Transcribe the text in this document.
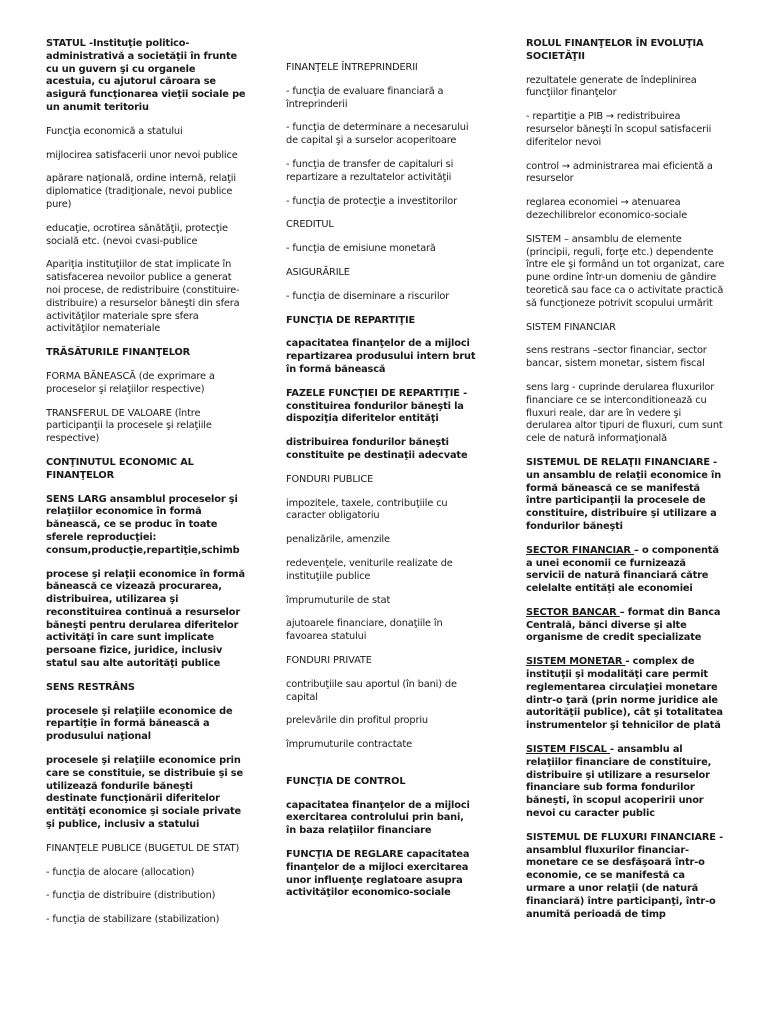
STATUL -Instituţie politico-administrativă a societăţii în frunte cu un guvern şi cu organele acestuia, cu ajutorul căroara se asigură funcţionarea vieţii sociale pe un anumit teritoriu

Funcţia economică a statului

mijlocirea satisfacerii unor nevoi publice

apărare naţională, ordine internă, relaţii diplomatice (tradiţionale, nevoi publice pure)

educaţie, ocrotirea sănătăţii, protecţie socială etc. (nevoi cvasi-publice

Apariţia instituţiilor de stat implicate în satisfacerea nevoilor publice a generat noi procese, de redistribuire (constituire-distribuire) a resurselor băneşti din sfera activităţilor materiale spre sfera activităţilor nemateriale

TRĂSĂTURILE FINANŢELOR

FORMA BĂNEASCĂ (de exprimare a proceselor şi relaţiilor respective)

TRANSFERUL DE VALOARE (între participanţii la procesele şi relaţiile respective)

CONŢINUTUL ECONOMIC AL FINANŢELOR

SENS LARG ansamblul proceselor şi relaţiilor economice în formă bănească, ce se produc în toate sferele reproducţiei: consum,producţie,repartiţie,schimb

procese şi relaţii economice în formă bănească ce vizează procurarea, distribuirea, utilizarea şi reconstituirea continuă a resurselor băneşti pentru derularea diferitelor activităţi în care sunt implicate persoane fizice, juridice, inclusiv statul sau alte autorităţi publice

SENS RESTRÂNS

procesele şi relaţiile economice de repartiţie în formă bănească a produsului naţional

procesele şi relaţiile economice prin care se constituie, se distribuie şi se utilizează fondurile băneşti destinate funcţionării diferitelor entităţi economice şi sociale private şi publice, inclusiv a statului

FINANŢELE PUBLICE (BUGETUL DE STAT)

- funcţia de alocare (allocation)

- funcţia de distribuire (distribution)

- funcţia de stabilizare (stabilization)

FINANŢELE ÎNTREPRINDERII

- funcţia de evaluare financiară a întreprinderii

- funcţia de determinare a necesarului de capital şi a surselor acoperitoare

- funcţia de transfer de capitaluri si repartizare a rezultatelor activităţii

- funcţia de protecţie a investitorilor

CREDITUL

- funcţia de emisiune monetară

ASIGURĂRILE

- funcţia de diseminare a riscurilor

FUNCŢIA DE REPARTIŢIE

capacitatea finanţelor de a mijloci repartizarea produsului intern brut în formă bănească

FAZELE FUNCŢIEI DE REPARTIŢIE - constituirea fondurilor băneşti la dispoziţia diferitelor entităţi

distribuirea fondurilor băneşti constituite pe destinaţii adecvate

FONDURI PUBLICE

impozitele, taxele, contribuţiile cu caracter obligatoriu

penalizările, amenzile

redevenţele, veniturile realizate de instituţiile publice

împrumuturile de stat

ajutoarele financiare, donaţiile în favoarea statului

FONDURI PRIVATE

contribuţiile sau aportul (în bani) de capital

prelevările din profitul propriu

împrumuturile contractate

FUNCŢIA DE CONTROL

capacitatea finanţelor de a mijloci exercitarea controlului prin bani, în baza relaţiilor financiare

FUNCŢIA DE REGLARE capacitatea finanţelor de a mijloci exercitarea unor influenţe reglatoare asupra activităţilor economico-sociale

ROLUL FINANŢELOR ÎN EVOLUŢIA SOCIETĂŢII

rezultatele generate de îndeplinirea funcţiilor finanţelor

- repartiţie a PIB → redistribuirea resurselor băneşti în scopul satisfacerii diferitelor nevoi

control → administrarea mai eficientă a resurselor

reglarea economiei → atenuarea dezechilibrelor economico-sociale

SISTEM – ansamblu de elemente (principii, reguli, forţe etc.) dependente între ele şi formând un tot organizat, care pune ordine într-un domeniu de gândire teoretică sau face ca o activitate practică să funcţioneze potrivit scopului urmărit

SISTEM FINANCIAR

sens restrans –sector financiar, sector bancar, sistem monetar, sistem fiscal

sens larg - cuprinde derularea fluxurilor financiare ce se interconditionează cu fluxuri reale, dar are în vedere şi derularea altor tipuri de fluxuri, cum sunt cele de natură informaţională

SISTEMUL DE RELAŢII FINANCIARE -un ansamblu de relaţii economice în formă bănească ce se manifestă între participanţii la procesele de constituire, distribuire şi utilizare a fondurilor băneşti

SECTOR FINANCIAR – o componentă a unei economii ce furnizează servicii de natură financiară către celelalte entităţi ale economiei

SECTOR BANCAR – format din Banca Centrală, bănci diverse şi alte organisme de credit specializate

SISTEM MONETAR - complex de instituţii şi modalităţi care permit reglementarea circulaţiei monetare dintr-o ţară (prin norme juridice ale autorităţii publice), cât şi totalitatea instrumentelor şi tehnicilor de plată

SISTEM FISCAL - ansamblu al relaţiilor financiare de constituire, distribuire şi utilizare a resurselor financiare sub forma fondurilor băneşti, în scopul acoperirii unor nevoi cu caracter public

SISTEMUL DE FLUXURI FINANCIARE - ansamblul fluxurilor financiar-monetare ce se desfăşoară într-o economie, ce se manifestă ca urmare a unor relaţii (de natură financiară) între participanţi, într-o anumită perioadă de timp
